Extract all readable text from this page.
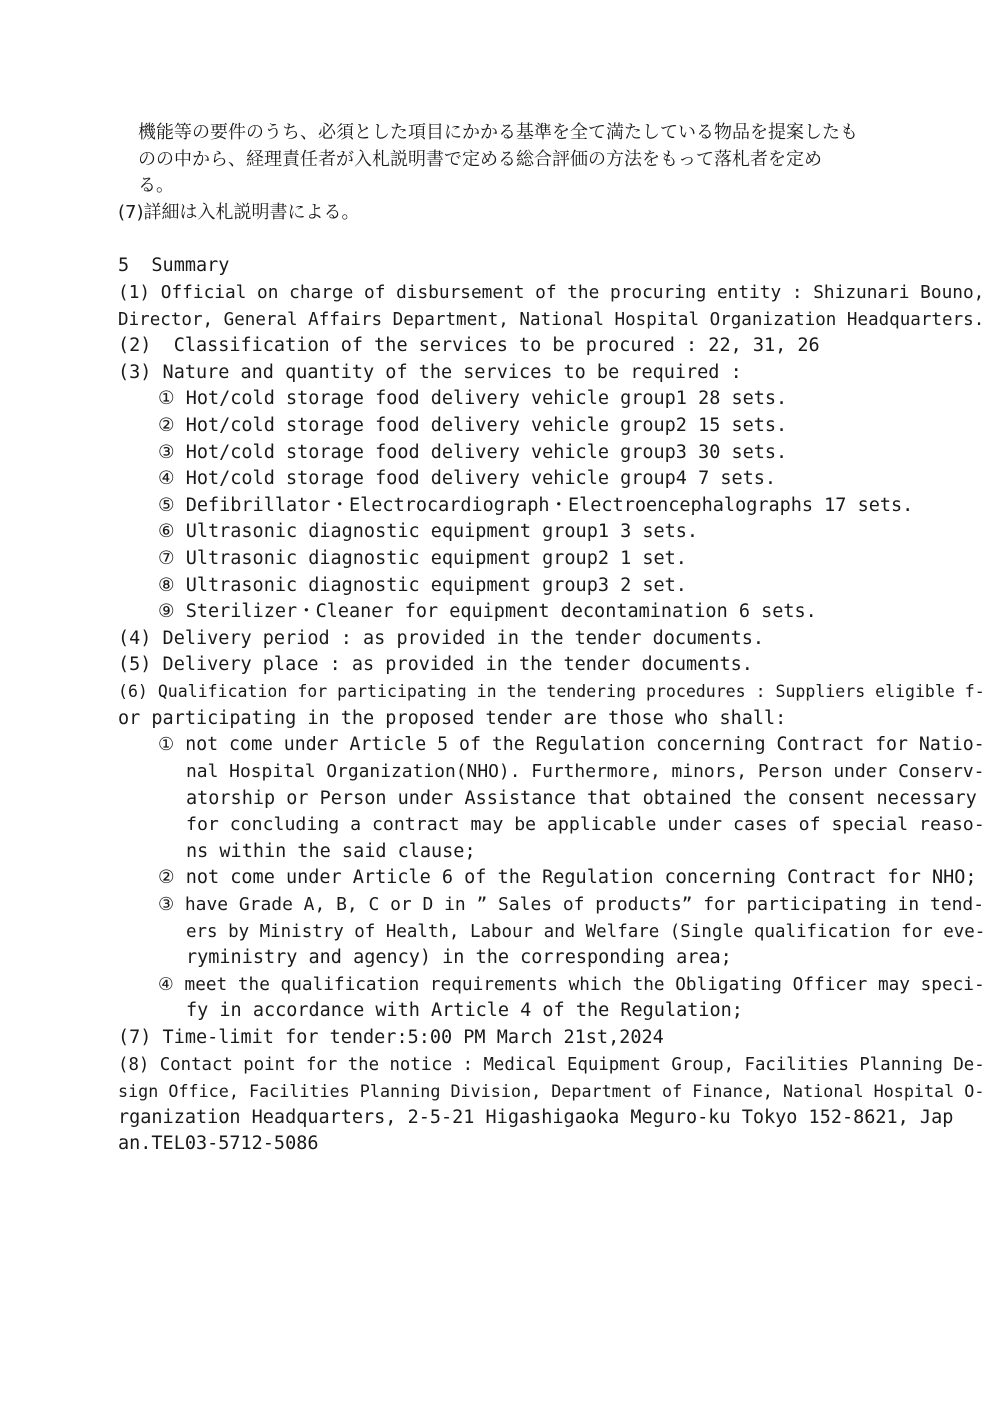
機能等の要件のうち、必須とした項目にかかる基準を全て満たしている物品を提案したも
のの中から、経理責任者が入札説明書で定める総合評価の方法をもって落札者を定め
る。
(7)詳細は入札説明書による。
5  Summary
(1) Official on charge of disbursement of the procuring entity : Shizunari Bouno,
Director, General Affairs Department, National Hospital Organization Headquarters.
(2)  Classification of the services to be procured : 22, 31, 26
(3) Nature and quantity of the services to be required :
① Hot/cold storage food delivery vehicle group1 28 sets.
② Hot/cold storage food delivery vehicle group2 15 sets.
③ Hot/cold storage food delivery vehicle group3 30 sets.
④ Hot/cold storage food delivery vehicle group4 7 sets.
⑤ Defibrillator・Electrocardiograph・Electroencephalographs 17 sets.
⑥ Ultrasonic diagnostic equipment group1 3 sets.
⑦ Ultrasonic diagnostic equipment group2 1 set.
⑧ Ultrasonic diagnostic equipment group3 2 set.
⑨ Sterilizer・Cleaner for equipment decontamination 6 sets.
(4) Delivery period : as provided in the tender documents.
(5) Delivery place : as provided in the tender documents.
(6) Qualification for participating in the tendering procedures : Suppliers eligible f-
or participating in the proposed tender are those who shall:
① not come under Article 5 of the Regulation concerning Contract for Natio-
nal Hospital Organization(NHO). Furthermore, minors, Person under Conserv-
atorship or Person under Assistance that obtained the consent necessary
for concluding a contract may be applicable under cases of special reaso-
ns within the said clause;
② not come under Article 6 of the Regulation concerning Contract for NHO;
③ have Grade A, B, C or D in ” Sales of products” for participating in tend-
ers by Ministry of Health, Labour and Welfare (Single qualification for eve-
ryministry and agency) in the corresponding area;
④ meet the qualification requirements which the Obligating Officer may speci-
fy in accordance with Article 4 of the Regulation;
(7) Time-limit for tender:5:00 PM March 21st,2024
(8) Contact point for the notice : Medical Equipment Group, Facilities Planning De-
sign Office, Facilities Planning Division, Department of Finance, National Hospital O-
rganization Headquarters, 2-5-21 Higashigaoka Meguro-ku Tokyo 152-8621, Jap
an.TEL03-5712-5086
